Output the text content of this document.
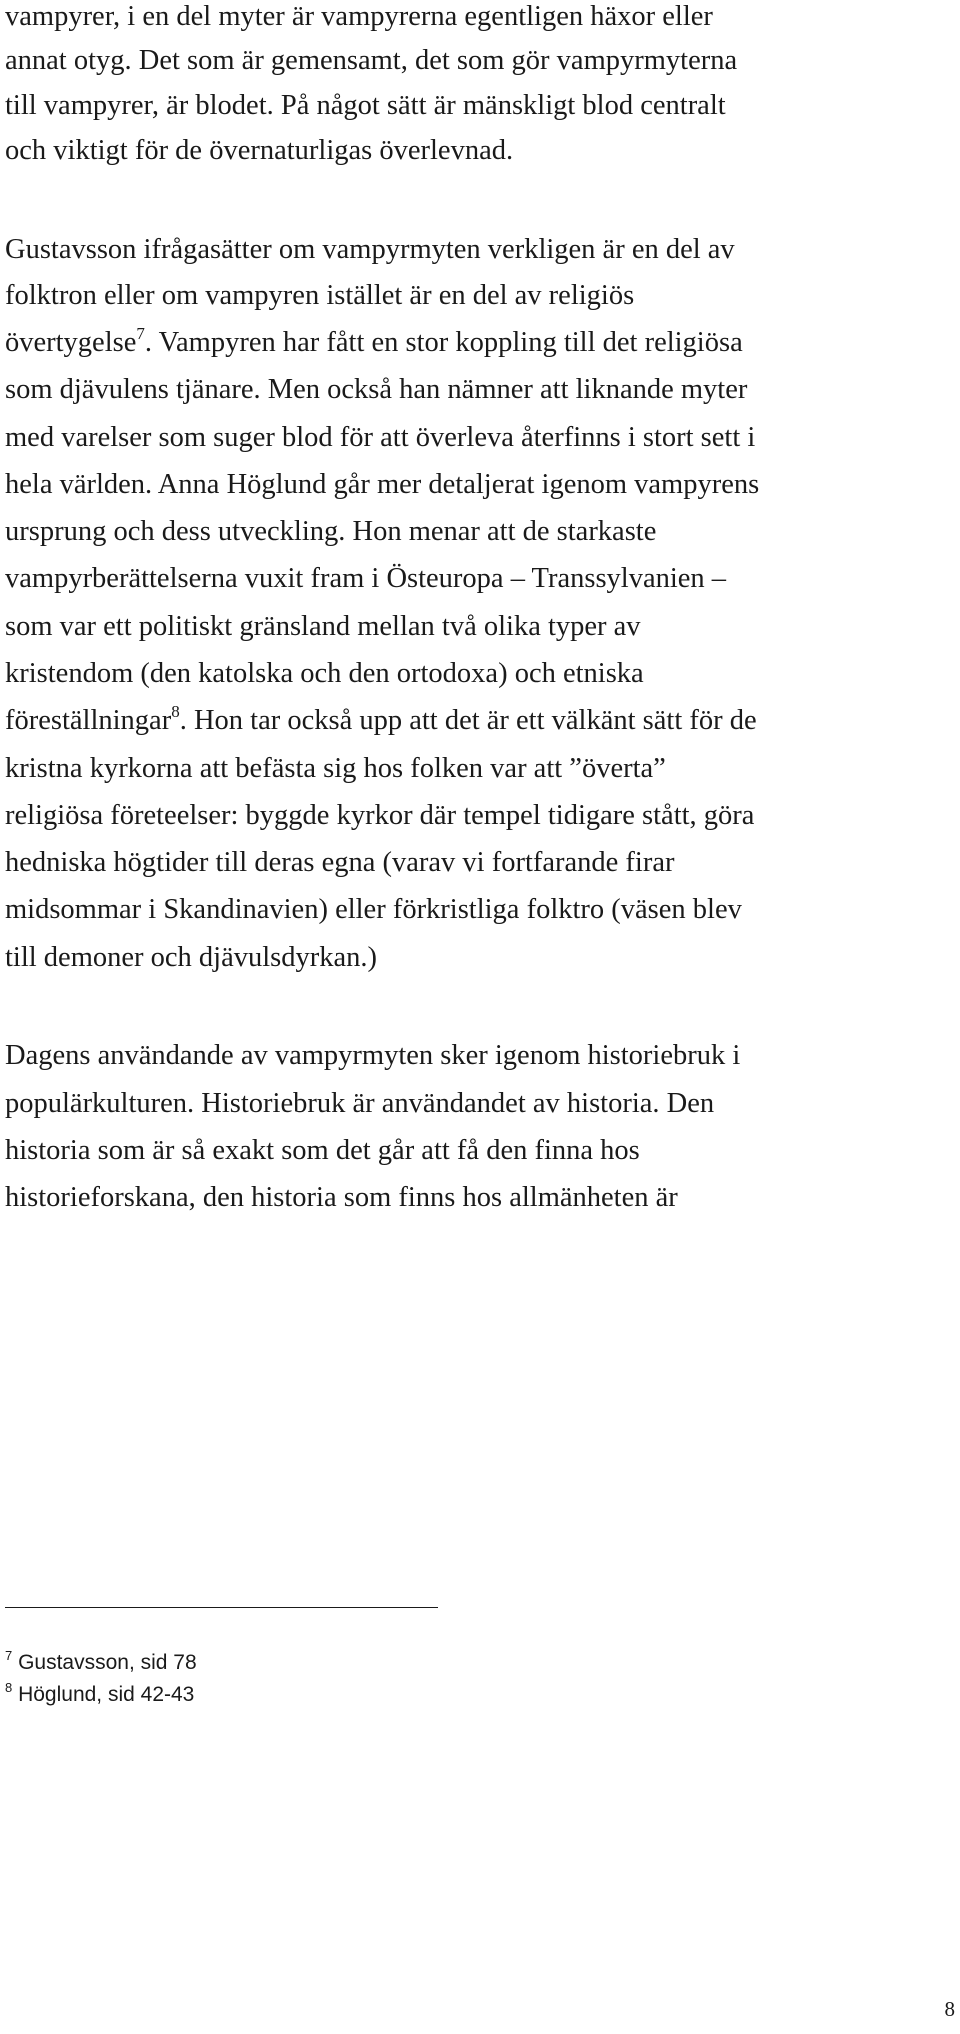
vampyrer, i en del myter är vampyrerna egentligen häxor eller
annat otyg. Det som är gemensamt, det som gör vampyrmyterna
till vampyrer, är blodet. På något sätt är mänskligt blod centralt
och viktigt för de övernaturligas överlevnad.
Gustavsson ifrågasätter om vampyrmyten verkligen är en del av
folktron eller om vampyren istället är en del av religiös
övertygelse$^7$. Vampyren har fått en stor koppling till det religiösa
som djävulens tjänare. Men också han nämner att liknande myter
med varelser som suger blod för att överleva återfinns i stort sett i
hela världen. Anna Höglund går mer detaljerat igenom vampyrens
ursprung och dess utveckling. Hon menar att de starkaste
vampyrberättelserna vuxit fram i Östeuropa – Transsylvanien –
som var ett politiskt gränsland mellan två olika typer av
kristendom (den katolska och den ortodoxa) och etniska
föreställningar$^8$. Hon tar också upp att det är ett välkänt sätt för de
kristna kyrkorna att befästa sig hos folken var att ”överta”
religiösa företeelser: byggde kyrkor där tempel tidigare stått, göra
hedniska högtider till deras egna (varav vi fortfarande firar
midsommar i Skandinavien) eller förkristliga folktro (väsen blev
till demoner och djävulsdyrkan.)
Dagens användande av vampyrmyten sker igenom historiebruk i
populärkulturen. Historiebruk är användandet av historia. Den
historia som är så exakt som det går att få den finna hos
historieforskana, den historia som finns hos allmänheten är
$^7$ Gustavsson, sid 78
$^8$ Höglund, sid 42-43
8
